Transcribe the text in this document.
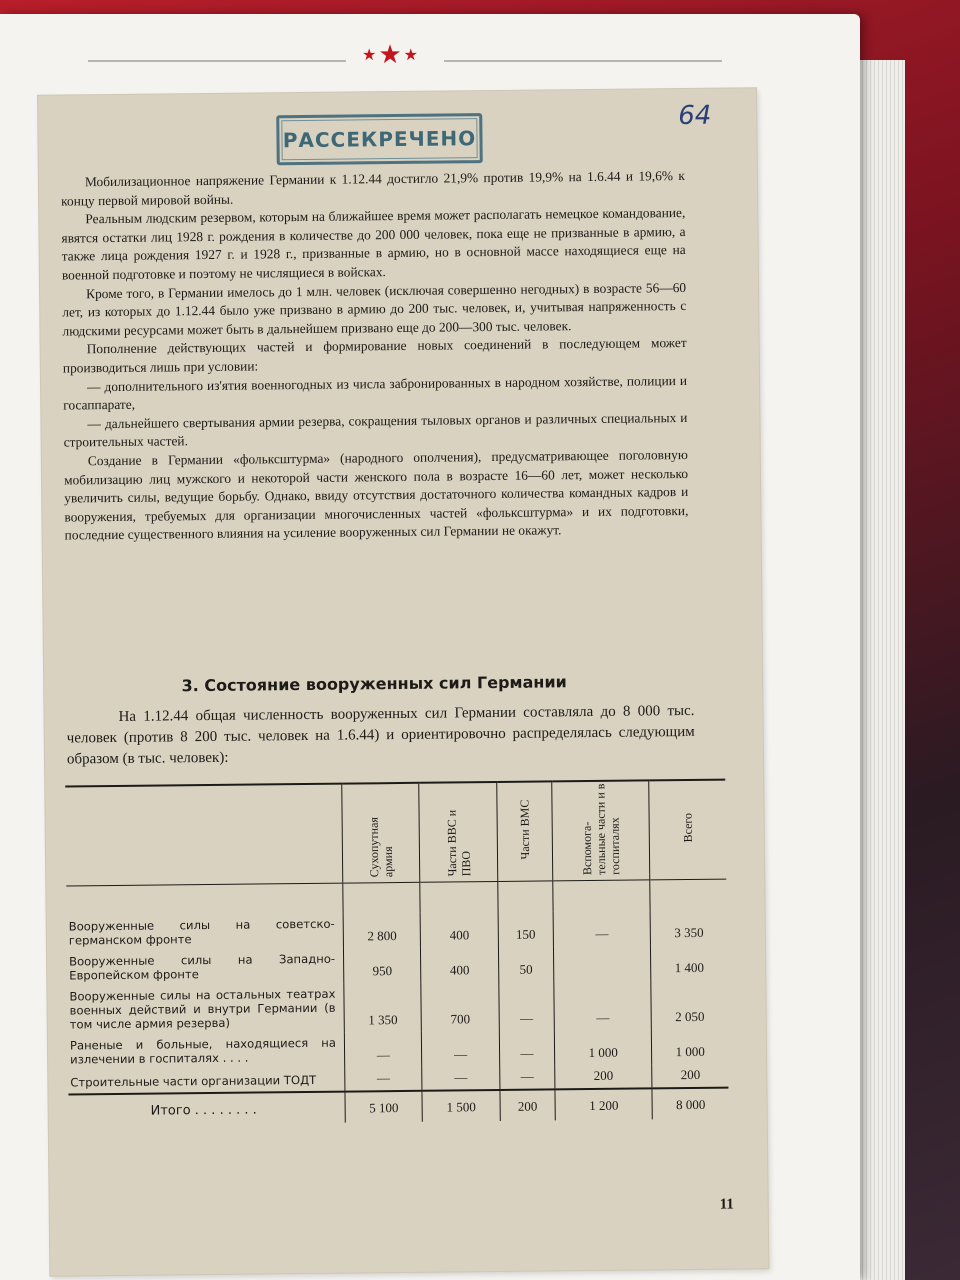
★ ★ ★
РАССЕКРЕЧЕНО
64

Мобилизационное напряжение Германии к 1.12.44 достигло 21,9% против 19,9% на 1.6.44 и 19,6% к концу первой мировой войны.

Реальным людским резервом, которым на ближайшее время может располагать немецкое командование, явятся остатки лиц 1928 г. рождения в количестве до 200 000 человек, пока еще не призванные в армию, а также лица рождения 1927 г. и 1928 г., призванные в армию, но в основной массе находящиеся еще на военной подготовке и поэтому не числящиеся в войсках.

Кроме того, в Германии имелось до 1 млн. человек (исключая совершенно негодных) в возрасте 56—60 лет, из которых до 1.12.44 было уже призвано в армию до 200 тыс. человек, и, учитывая напряженность с людскими ресурсами может быть в дальнейшем призвано еще до 200—300 тыс. человек.

Пополнение действующих частей и формирование новых соединений в последующем может производиться лишь при условии:

— дополнительного из'ятия военногодных из числа забронированных в народном хозяйстве, полиции и госаппарате,

— дальнейшего свертывания армии резерва, сокращения тыловых органов и различных специальных и строительных частей.

Создание в Германии «фольксштурма» (народного ополчения), предусматривающее поголовную мобилизацию лиц мужского и некоторой части женского пола в возрасте 16—60 лет, может несколько увеличить силы, ведущие борьбу. Однако, ввиду отсутствия достаточного количества командных кадров и вооружения, требуемых для организации многочисленных частей «фольксштурма» и их подготовки, последние существенного влияния на усиление вооруженных сил Германии не окажут.

3. Состояние вооруженных сил Германии

На 1.12.44 общая численность вооруженных сил Германии составляла до 8 000 тыс. человек (против 8 200 тыс. человек на 1.6.44) и ориентировочно распределялась следующим образом (в тыс. человек):

	Сухопутная армия	Части ВВС и ПВО	Части ВМС	Вспомога-тельные части и в госпиталях	Всего

Вооруженные силы на советско-германском фронте	2 800	400	150	—	3 350
Вооруженные силы на Западно-Европейском фронте	950	400	50		1 400
Вооруженные силы на остальных театрах военных действий и внутри Германии (в том числе армия резерва)	1 350	700	—	—	2 050
Раненые и больные, находящиеся на излечении в госпиталях . . . .	—	—	—	1 000	1 000
Строительные части организации ТОДТ	—	—	—	200	200
Итого . . . . . . . .	5 100	1 500	200	1 200	8 000
11
